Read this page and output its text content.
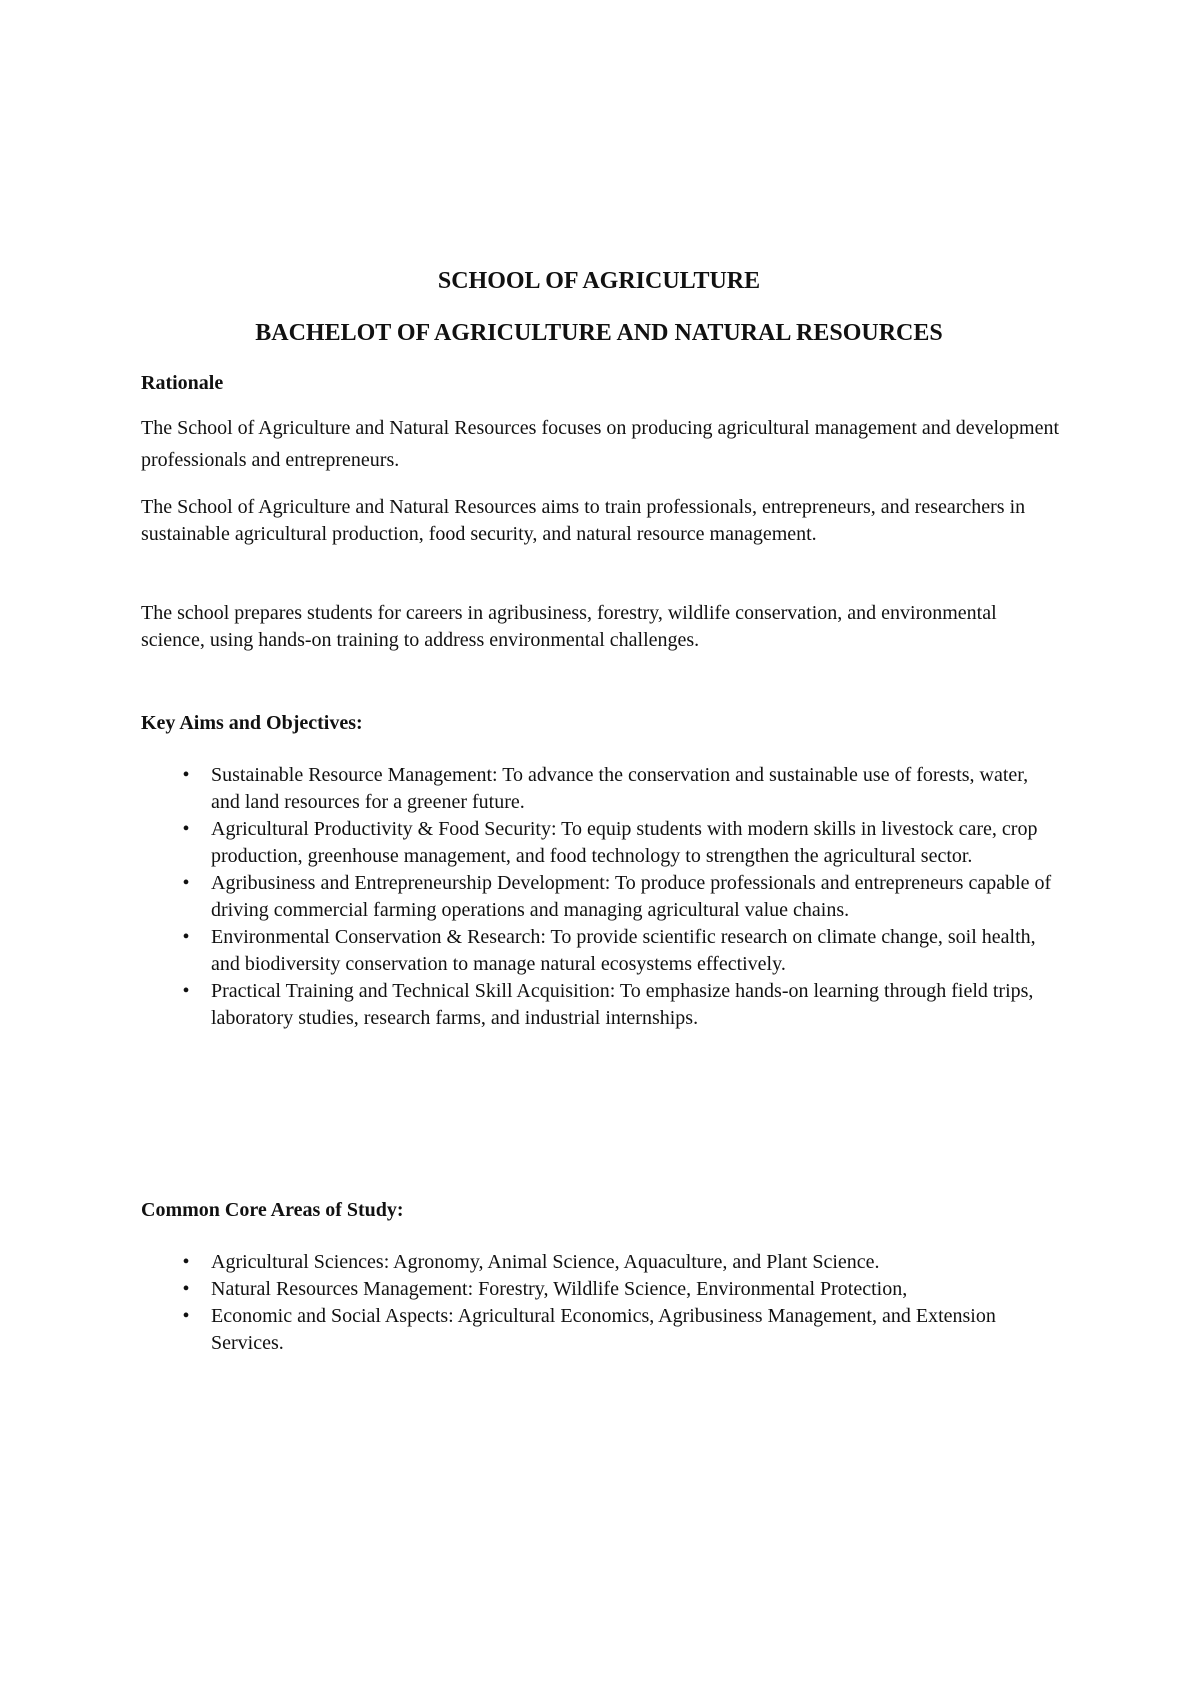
SCHOOL OF AGRICULTURE
BACHELOT OF AGRICULTURE AND NATURAL RESOURCES
Rationale

The School of Agriculture and Natural Resources focuses on producing agricultural management and development professionals and entrepreneurs.

The School of Agriculture and Natural Resources aims to train professionals, entrepreneurs, and researchers in sustainable agricultural production, food security, and natural resource management.

The school prepares students for careers in agribusiness, forestry, wildlife conservation, and environmental science, using hands-on training to address environmental challenges.

Key Aims and Objectives:
• Sustainable Resource Management: To advance the conservation and sustainable use of forests, water, and land resources for a greener future.
• Agricultural Productivity & Food Security: To equip students with modern skills in livestock care, crop production, greenhouse management, and food technology to strengthen the agricultural sector.
• Agribusiness and Entrepreneurship Development: To produce professionals and entrepreneurs capable of driving commercial farming operations and managing agricultural value chains.
• Environmental Conservation & Research: To provide scientific research on climate change, soil health, and biodiversity conservation to manage natural ecosystems effectively.
• Practical Training and Technical Skill Acquisition: To emphasize hands-on learning through field trips, laboratory studies, research farms, and industrial internships.
Common Core Areas of Study:
• Agricultural Sciences: Agronomy, Animal Science, Aquaculture, and Plant Science.
• Natural Resources Management: Forestry, Wildlife Science, Environmental Protection,
• Economic and Social Aspects: Agricultural Economics, Agribusiness Management, and Extension Services.
